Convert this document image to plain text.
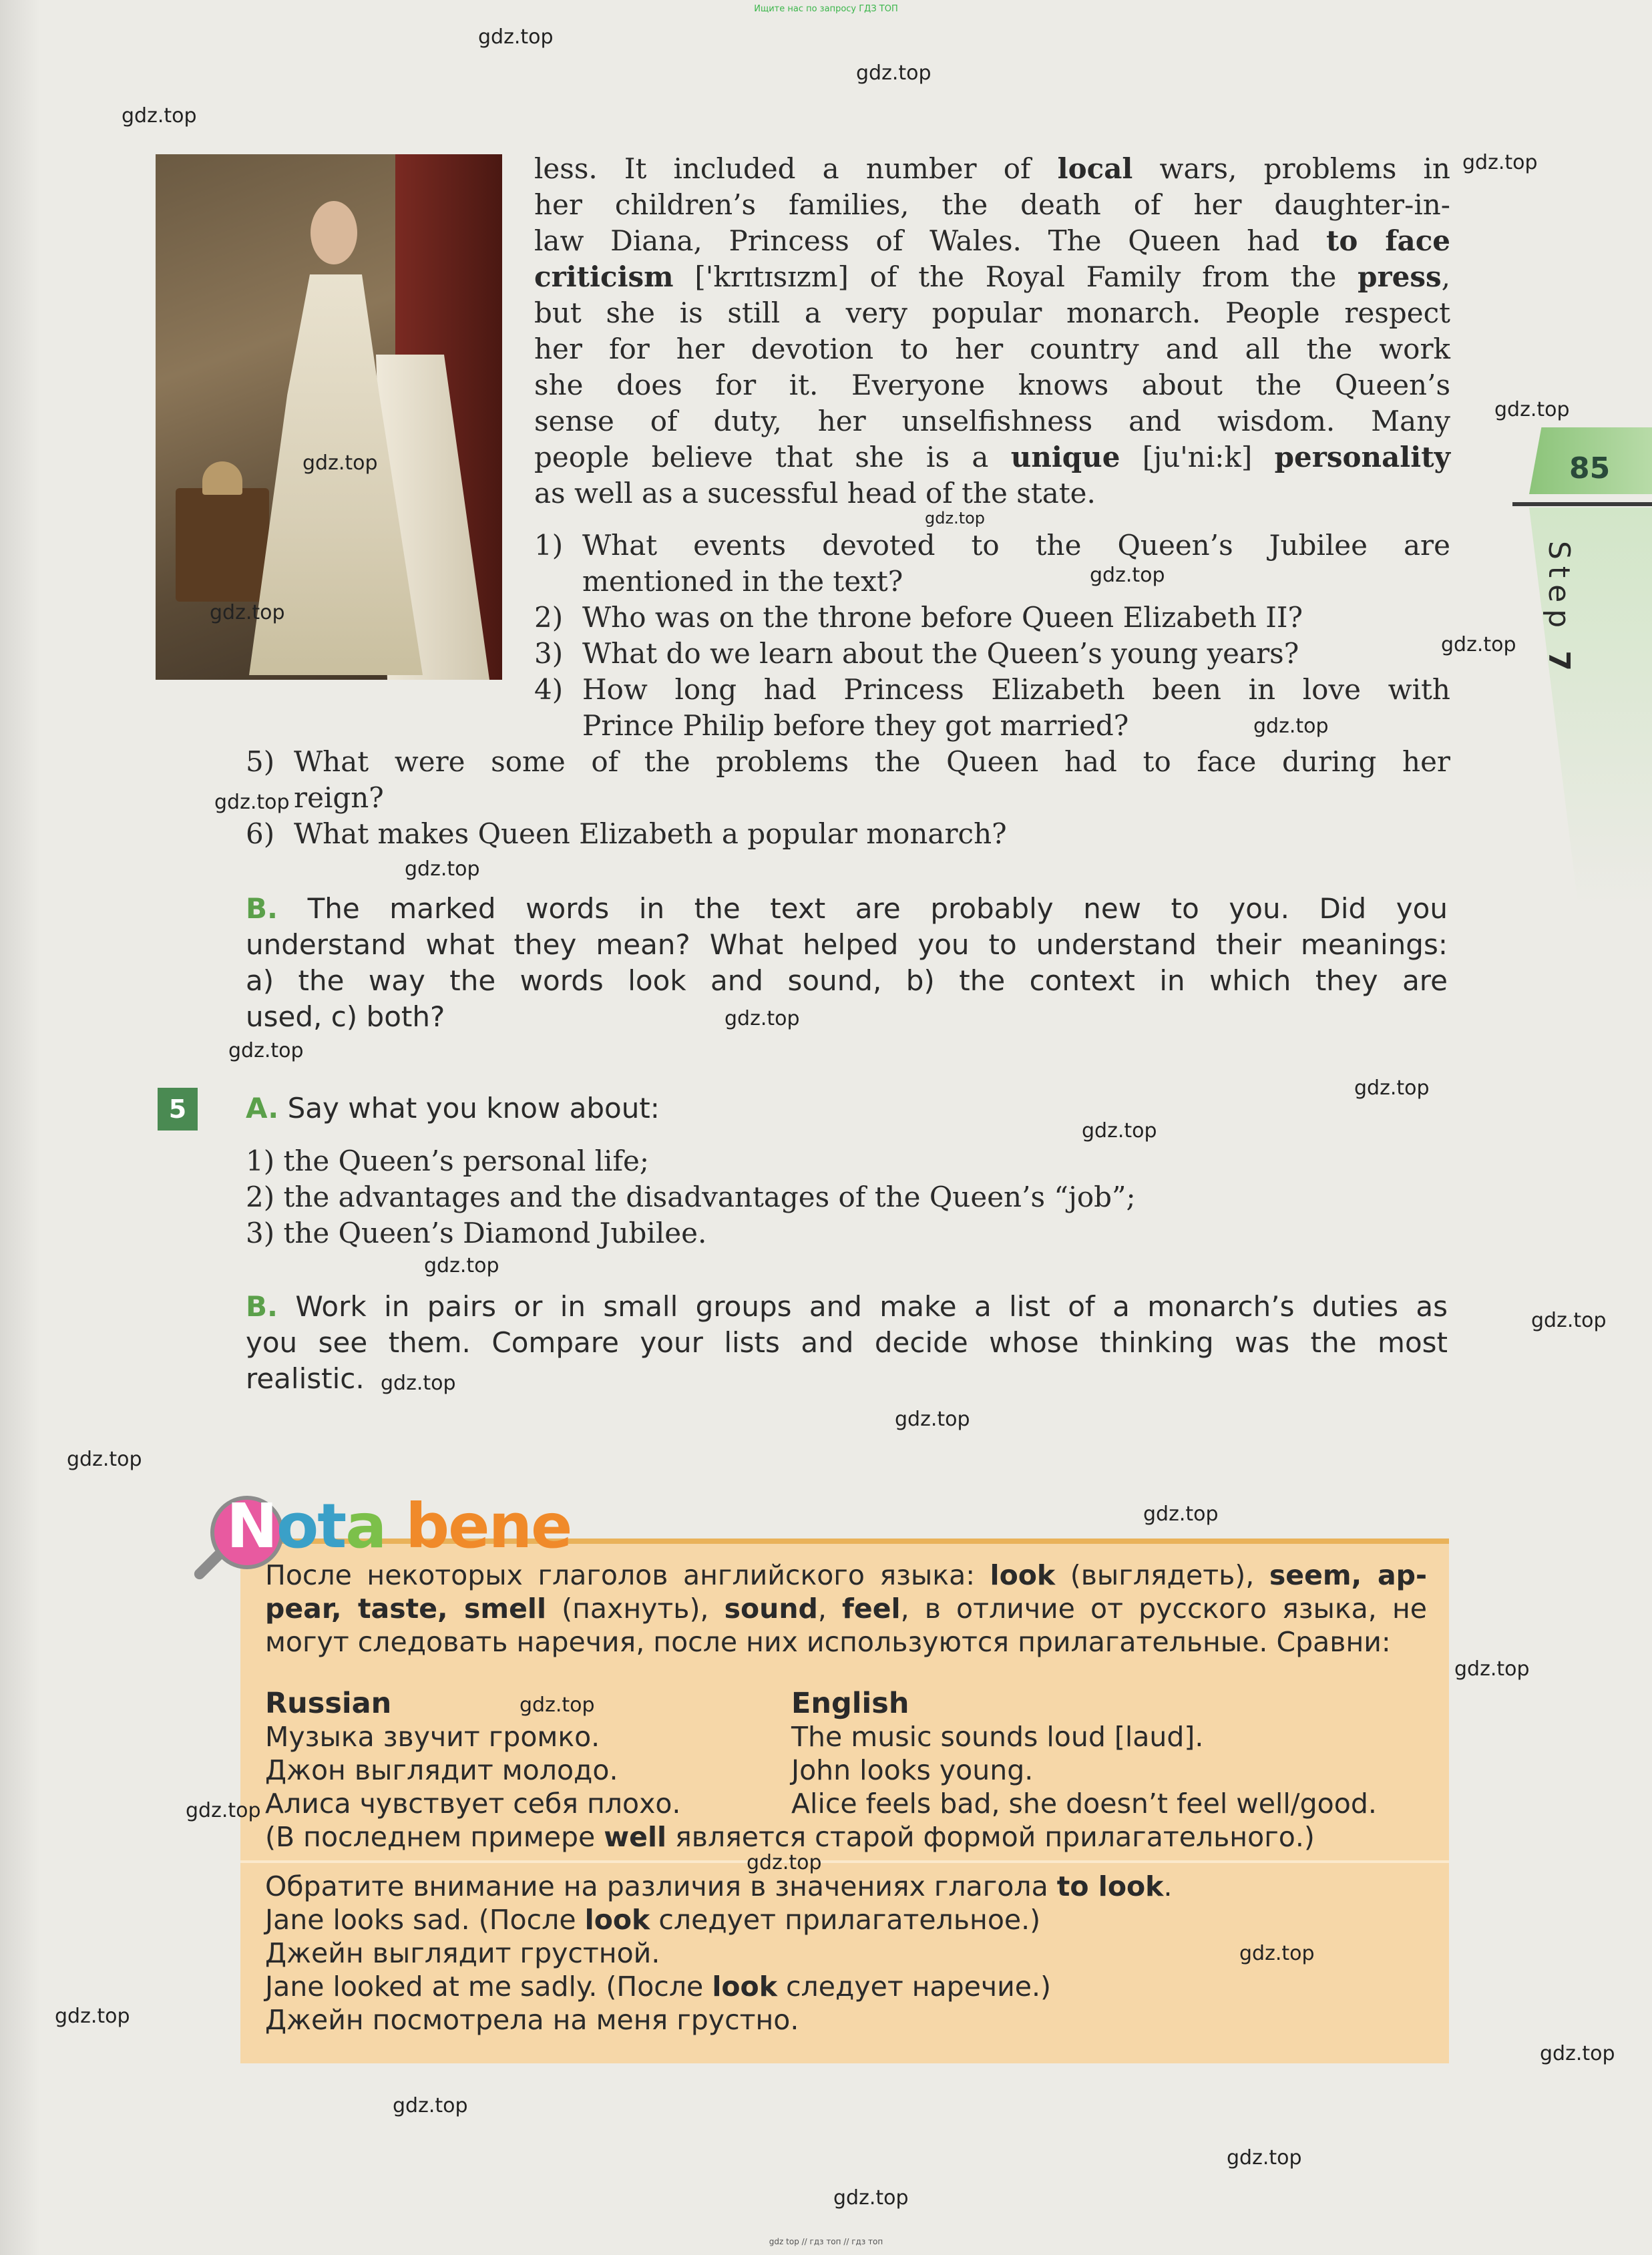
Ищите нас по запросу ГДЗ ТОП
less. It included a number of local wars, problems in
her children’s families, the death of her daughter-in-
law Diana, Princess of Wales. The Queen had to face
criticism ['krɪtɪsɪzm] of the Royal Family from the press,
but she is still a very popular monarch. People respect
her for her devotion to her country and all the work
she does for it. Everyone knows about the Queen’s
sense of duty, her unselfishness and wisdom. Many
people believe that she is a unique [ju'ni:k] personality
as well as a sucessful head of the state.
1) What events devoted to the Queen’s Jubilee are
mentioned in the text?
2) Who was on the throne before Queen Elizabeth II?
3) What do we learn about the Queen’s young years?
4) How long had Princess Elizabeth been in love with
Prince Philip before they got married?
5) What were some of the problems the Queen had to face during her
reign?
6) What makes Queen Elizabeth a popular monarch?
B. The marked words in the text are probably new to you. Did you
understand what they mean? What helped you to understand their meanings:
a) the way the words look and sound, b) the context in which they are
used, c) both?
5	A. Say what you know about:
1) the Queen’s personal life;
2) the advantages and the disadvantages of the Queen’s “job”;
3) the Queen’s Diamond Jubilee.
B. Work in pairs or in small groups and make a list of a monarch’s duties as
you see them. Compare your lists and decide whose thinking was the most
realistic.
85
Step 7
Nota bene
После некоторых глаголов английского языка: look (выглядеть), seem, ap-
pear, taste, smell (пахнуть), sound, feel, в отличие от русского языка, не
могут следовать наречия, после них используются прилагательные. Сравни:
Russian	English
Музыка звучит громко.
Джон выглядит молодо.
Алиса чувствует себя плохо.
The music sounds loud [laud].
John looks young.
Alice feels bad, she doesn’t feel well/good.
(В последнем примере well является старой формой прилагательного.)
Обратите внимание на различия в значениях глагола to look.
Jane looks sad. (После look следует прилагательное.)
Джейн выглядит грустной.
Jane looked at me sadly. (После look следует наречие.)
Джейн посмотрела на меня грустно.
gdz.top
gdz.top
gdz.top
gdz.top
gdz.top
gdz.top
gdz.top
gdz.top
gdz.top
gdz.top
gdz.top
gdz.top
gdz.top
gdz.top
gdz.top
gdz.top
gdz.top
gdz.top
gdz.top
gdz.top
gdz.top
gdz.top
gdz.top
gdz.top
gdz.top
gdz.top
gdz.top
gdz.top
gdz.top
gdz.top
gdz.top
gdz.top
gdz.top
gdz top // гдз топ // гдз топ
